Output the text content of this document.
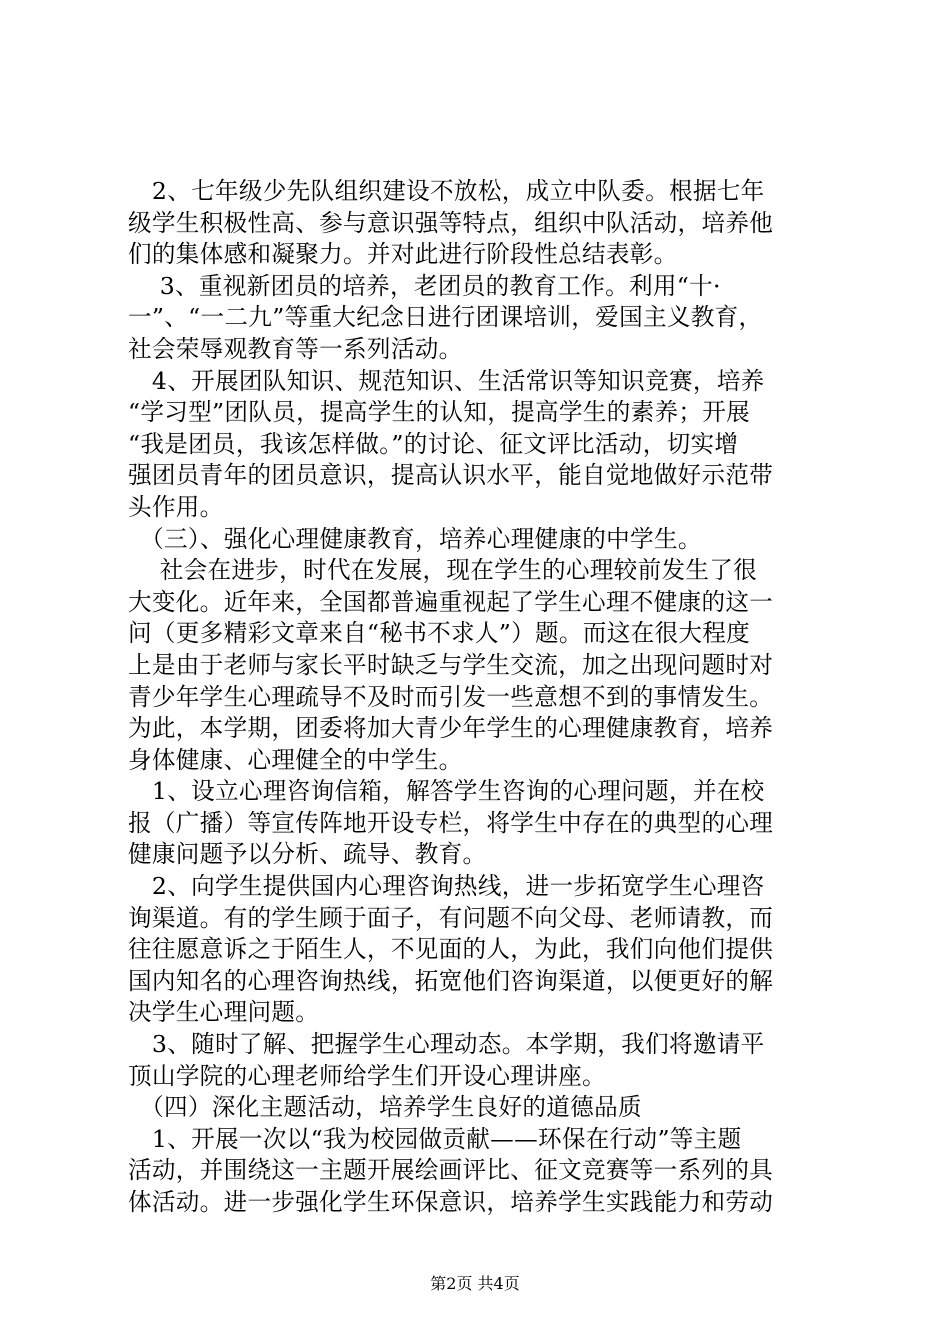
　2、七年级少先队组织建设不放松，成立中队委。根据七年
级学生积极性高、参与意识强等特点，组织中队活动，培养他
们的集体感和凝聚力。并对此进行阶段性总结表彰。
　 3、重视新团员的培养，老团员的教育工作。利用“十·
一”、“一二九”等重大纪念日进行团课培训，爱国主义教育，
社会荣辱观教育等一系列活动。
　4、开展团队知识、规范知识、生活常识等知识竞赛，培养
“学习型”团队员，提高学生的认知，提高学生的素养；开展
“我是团员，我该怎样做。”的讨论、征文评比活动，切实增
强团员青年的团员意识，提高认识水平，能自觉地做好示范带
头作用。
　（三）、强化心理健康教育，培养心理健康的中学生。
　 社会在进步，时代在发展，现在学生的心理较前发生了很
大变化。近年来，全国都普遍重视起了学生心理不健康的这一
问（更多精彩文章来自“秘书不求人”）题。而这在很大程度
上是由于老师与家长平时缺乏与学生交流，加之出现问题时对
青少年学生心理疏导不及时而引发一些意想不到的事情发生。
为此，本学期，团委将加大青少年学生的心理健康教育，培养
身体健康、心理健全的中学生。
　1、设立心理咨询信箱，解答学生咨询的心理问题，并在校
报（广播）等宣传阵地开设专栏，将学生中存在的典型的心理
健康问题予以分析、疏导、教育。
　2、向学生提供国内心理咨询热线，进一步拓宽学生心理咨
询渠道。有的学生顾于面子，有问题不向父母、老师请教，而
往往愿意诉之于陌生人，不见面的人，为此，我们向他们提供
国内知名的心理咨询热线，拓宽他们咨询渠道，以便更好的解
决学生心理问题。
　3、随时了解、把握学生心理动态。本学期，我们将邀请平
顶山学院的心理老师给学生们开设心理讲座。
　（四）深化主题活动，培养学生良好的道德品质
　1、开展一次以“我为校园做贡献——环保在行动”等主题
活动，并围绕这一主题开展绘画评比、征文竞赛等一系列的具
体活动。进一步强化学生环保意识，培养学生实践能力和劳动
第2页 共4页
